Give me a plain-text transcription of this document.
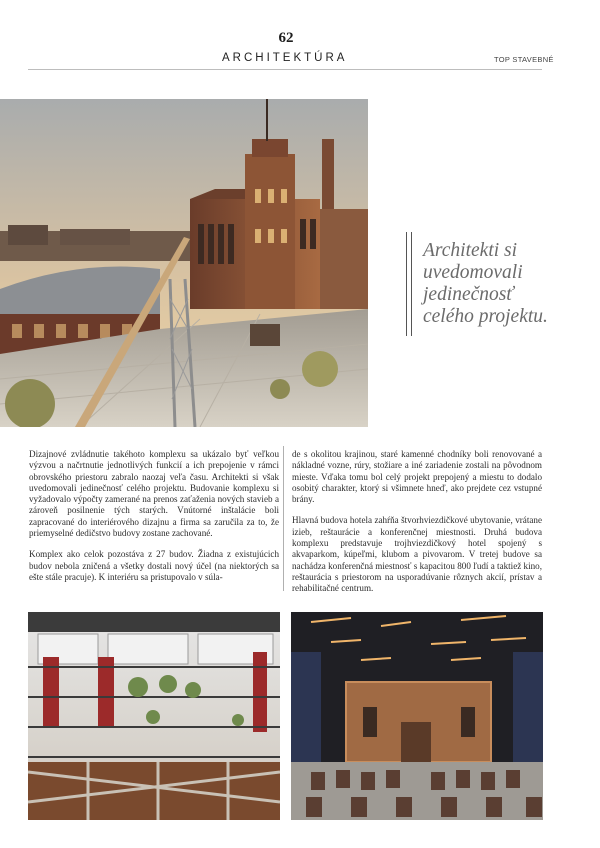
62
ARCHITEKTÚRA	TOP STAVEBNÉ
Architekti si
uvedomovali
jedinečnosť
celého projektu.

Dizajnové zvládnutie takéhoto komplexu sa ukázalo byť veľkou výzvou a načrtnutie jednotlivých funkcií a ich prepojenie v rámci obrovského priestoru zabralo naozaj veľa času. Architekti si však uvedomovali jedinečnosť celého projektu. Budovanie komplexu si vyžadovalo výpočty zamerané na prenos zaťaženia nových stavieb a zároveň posilnenie tých starých. Vnútorné inštalácie boli zapracované do interiérového dizajnu a firma sa zaručila za to, že priemyselné dedičstvo budovy zostane zachované.

Komplex ako celok pozostáva z 27 budov. Žiadna z existujúcich budov nebola zničená a všetky dostali nový účel (na niektorých sa ešte stále pracuje). K interiéru sa pristupovalo v súla-

de s okolitou krajinou, staré kamenné chodníky boli renovované a nákladné vozne, rúry, stožiare a iné zariadenie zostali na pôvodnom mieste. Vďaka tomu bol celý projekt prepojený a miestu to dodalo osobitý charakter, ktorý si všimnete hneď, ako prejdete cez vstupné brány.

Hlavná budova hotela zahŕňa štvorhviezdičkové ubytovanie, vrátane izieb, reštaurácie a konferenčnej miestnosti. Druhá budova komplexu predstavuje trojhviezdičkový hotel spojený s akvaparkom, kúpeľmi, klubom a pivovarom. V tretej budove sa nachádza konferenčná miestnosť s kapacitou 800 ľudí a taktiež kino, reštaurácia s priestorom na usporadúvanie rôznych akcií, prístav a rehabilitačné centrum.
